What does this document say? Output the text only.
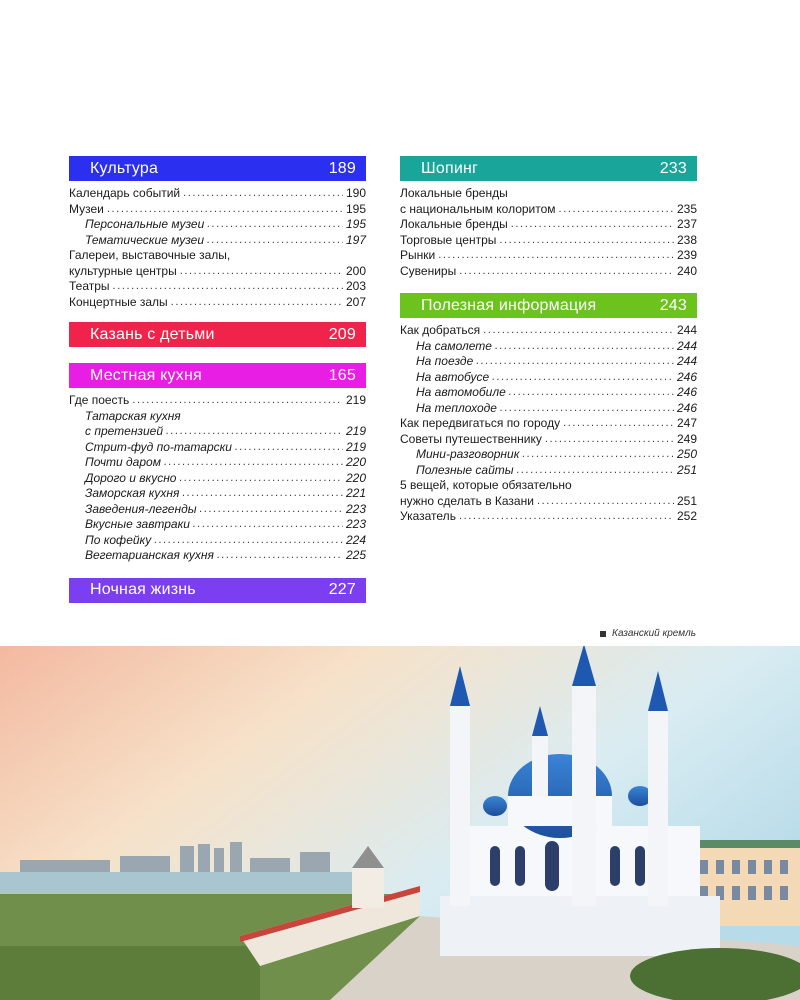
Культура	189
Календарь событий .....	190
Музеи .....	195
Персональные музеи .....	195
Тематические музеи .....	197
Галереи, выставочные залы,
культурные центры .....	200
Театры .....	203
Концертные залы .....	207
Казань с детьми	209
Местная кухня	165
Где поесть .....	219
Татарская кухня
с претензией .....	219
Стрит-фуд по-татарски .....	219
Почти даром .....	220
Дорого и вкусно .....	220
Заморская кухня .....	221
Заведения-легенды .....	223
Вкусные завтраки .....	223
По кофейку .....	224
Вегетарианская кухня .....	225
Ночная жизнь	227
Шопинг	233
Локальные бренды
с национальным колоритом .....	235
Локальные бренды .....	237
Торговые центры .....	238
Рынки .....	239
Сувениры .....	240
Полезная информация	243
Как добраться .....	244
На самолете .....	244
На поезде .....	244
На автобусе .....	246
На автомобиле .....	246
На теплоходе .....	246
Как передвигаться по городу .....	247
Советы путешественнику .....	249
Мини-разговорник .....	250
Полезные сайты .....	251
5 вещей, которые обязательно
нужно сделать в Казани .....	251
Указатель .....	252
Казанский кремль
